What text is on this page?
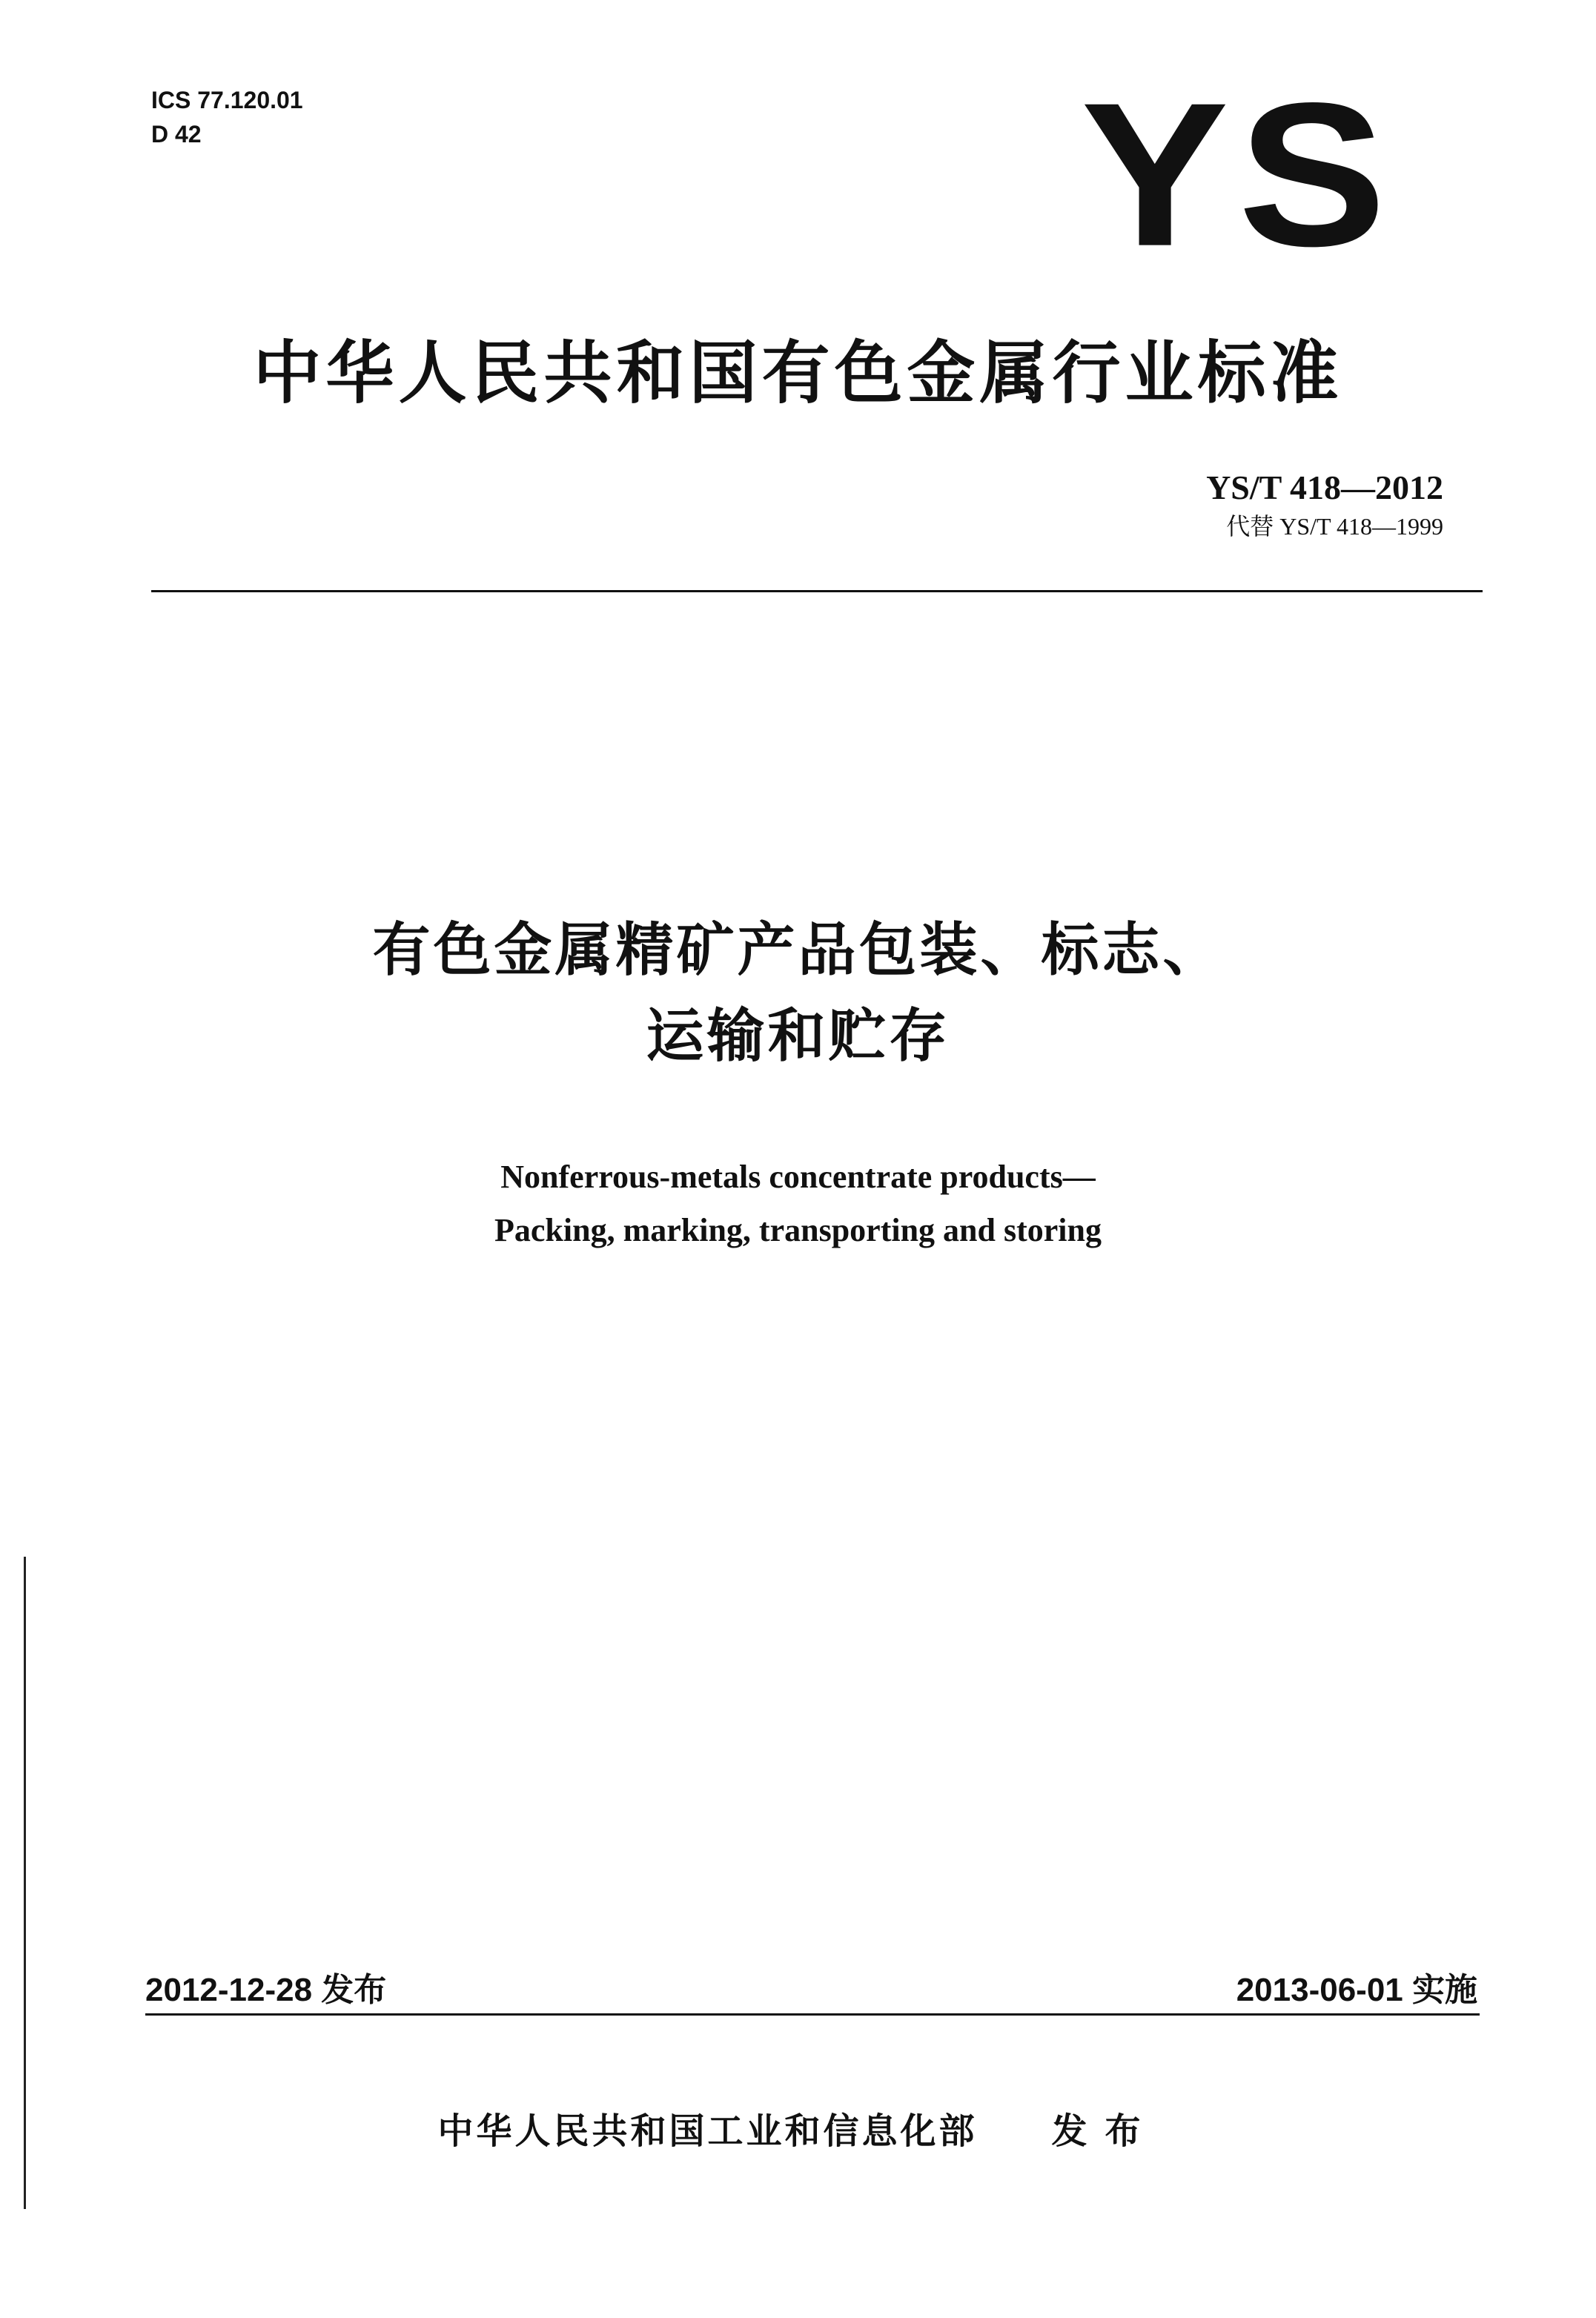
ICS 77.120.01
D 42	YS
中华人民共和国有色金属行业标准
YS/T 418—2012
代替 YS/T 418—1999
有色金属精矿产品包装、标志、
运输和贮存
Nonferrous-metals concentrate products—
Packing, marking, transporting and storing
2012-12-28 发布	2013-06-01 实施
中华人民共和国工业和信息化部 发布
